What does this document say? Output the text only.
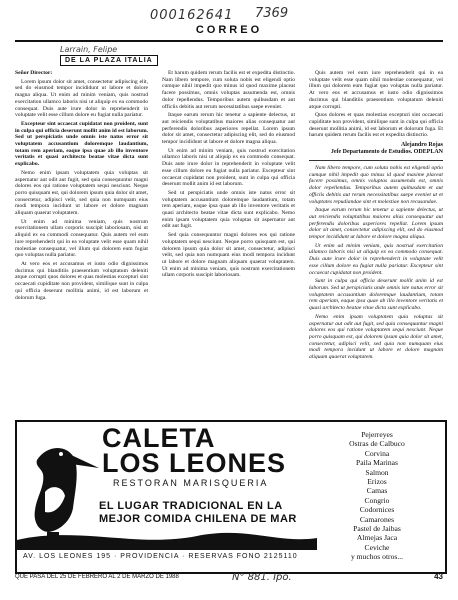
000162641 7369
CORREO
Larrain, Felipe
DE LA PLAZA ITALIA

Señor Director:

Lorem ipsum dolor sit amet, consectetur adipiscing elit, sed do eiusmod tempor incididunt ut labore et dolore magna aliqua. Ut enim ad minim veniam, quis nostrud exercitation ullamco laboris nisi ut aliquip ex ea commodo consequat. Duis aute irure dolor in reprehenderit in voluptate velit esse cillum dolore eu fugiat nulla pariatur.

Excepteur sint occaecat cupidatat non proident, sunt in culpa qui officia deserunt mollit anim id est laborum. Sed ut perspiciatis unde omnis iste natus error sit voluptatem accusantium doloremque laudantium, totam rem aperiam, eaque ipsa quae ab illo inventore veritatis et quasi architecto beatae vitae dicta sunt explicabo.

Nemo enim ipsam voluptatem quia voluptas sit aspernatur aut odit aut fugit, sed quia consequuntur magni dolores eos qui ratione voluptatem sequi nesciunt. Neque porro quisquam est, qui dolorem ipsum quia dolor sit amet, consectetur, adipisci velit, sed quia non numquam eius modi tempora incidunt ut labore et dolore magnam aliquam quaerat voluptatem.

Ut enim ad minima veniam, quis nostrum exercitationem ullam corporis suscipit laboriosam, nisi ut aliquid ex ea commodi consequatur. Quis autem vel eum iure reprehenderit qui in ea voluptate velit esse quam nihil molestiae consequatur, vel illum qui dolorem eum fugiat quo voluptas nulla pariatur.

At vero eos et accusamus et iusto odio dignissimos ducimus qui blanditiis praesentium voluptatum deleniti atque corrupti quos dolores et quas molestias excepturi sint occaecati cupiditate non provident, similique sunt in culpa qui officia deserunt mollitia animi, id est laborum et dolorum fuga.

Et harum quidem rerum facilis est et expedita distinctio. Nam libero tempore, cum soluta nobis est eligendi optio cumque nihil impedit quo minus id quod maxime placeat facere possimus, omnis voluptas assumenda est, omnis dolor repellendus. Temporibus autem quibusdam et aut officiis debitis aut rerum necessitatibus saepe eveniet.

Itaque earum rerum hic tenetur a sapiente delectus, ut aut reiciendis voluptatibus maiores alias consequatur aut perferendis doloribus asperiores repellat. Lorem ipsum dolor sit amet, consectetur adipiscing elit, sed do eiusmod tempor incididunt ut labore et dolore magna aliqua.

Ut enim ad minim veniam, quis nostrud exercitation ullamco laboris nisi ut aliquip ex ea commodo consequat. Duis aute irure dolor in reprehenderit in voluptate velit esse cillum dolore eu fugiat nulla pariatur. Excepteur sint occaecat cupidatat non proident, sunt in culpa qui officia deserunt mollit anim id est laborum.

Sed ut perspiciatis unde omnis iste natus error sit voluptatem accusantium doloremque laudantium, totam rem aperiam, eaque ipsa quae ab illo inventore veritatis et quasi architecto beatae vitae dicta sunt explicabo. Nemo enim ipsam voluptatem quia voluptas sit aspernatur aut odit aut fugit.

Sed quia consequuntur magni dolores eos qui ratione voluptatem sequi nesciunt. Neque porro quisquam est, qui dolorem ipsum quia dolor sit amet, consectetur, adipisci velit, sed quia non numquam eius modi tempora incidunt ut labore et dolore magnam aliquam quaerat voluptatem. Ut enim ad minima veniam, quis nostrum exercitationem ullam corporis suscipit laboriosam.

Quis autem vel eum iure reprehenderit qui in ea voluptate velit esse quam nihil molestiae consequatur, vel illum qui dolorem eum fugiat quo voluptas nulla pariatur. At vero eos et accusamus et iusto odio dignissimos ducimus qui blanditiis praesentium voluptatum deleniti atque corrupti.

Quos dolores et quas molestias excepturi sint occaecati cupiditate non provident, similique sunt in culpa qui officia deserunt mollitia animi, id est laborum et dolorum fuga. Et harum quidem rerum facilis est et expedita distinctio.

Alejandro Rojas
Jefe Departamento de Estudios. ODEPLAN

Nam libero tempore, cum soluta nobis est eligendi optio cumque nihil impedit quo minus id quod maxime placeat facere possimus, omnis voluptas assumenda est, omnis dolor repellendus. Temporibus autem quibusdam et aut officiis debitis aut rerum necessitatibus saepe eveniet ut et voluptates repudiandae sint et molestiae non recusandae.

Itaque earum rerum hic tenetur a sapiente delectus, ut aut reiciendis voluptatibus maiores alias consequatur aut perferendis doloribus asperiores repellat. Lorem ipsum dolor sit amet, consectetur adipiscing elit, sed do eiusmod tempor incididunt ut labore et dolore magna aliqua.

Ut enim ad minim veniam, quis nostrud exercitation ullamco laboris nisi ut aliquip ex ea commodo consequat. Duis aute irure dolor in reprehenderit in voluptate velit esse cillum dolore eu fugiat nulla pariatur. Excepteur sint occaecat cupidatat non proident.

Sunt in culpa qui officia deserunt mollit anim id est laborum. Sed ut perspiciatis unde omnis iste natus error sit voluptatem accusantium doloremque laudantium, totam rem aperiam, eaque ipsa quae ab illo inventore veritatis et quasi architecto beatae vitae dicta sunt explicabo.

Nemo enim ipsam voluptatem quia voluptas sit aspernatur aut odit aut fugit, sed quia consequuntur magni dolores eos qui ratione voluptatem sequi nesciunt. Neque porro quisquam est, qui dolorem ipsum quia dolor sit amet, consectetur, adipisci velit, sed quia non numquam eius modi tempora incidunt ut labore et dolore magnam aliquam quaerat voluptatem.

CALETA
LOS LEONES
RESTORAN MARISQUERIA
EL LUGAR TRADICIONAL EN LA MEJOR COMIDA CHILENA DE MAR
AV. LOS LEONES 195 · PROVIDENCIA · RESERVAS FONO 2125110
Pejerreyes
Ostras de Calbuco
Corvina
Paila Marinas
Salmon
Erizos
Camas
Congrio
Codornices
Camarones
Pastel de Jaibas
Almejas Jaca
Ceviche
y muchos otros...
QUE PASA DEL 25 DE FEBRERO AL 2 DE MARZO DE 1988	43
N° 881. Ipo.
